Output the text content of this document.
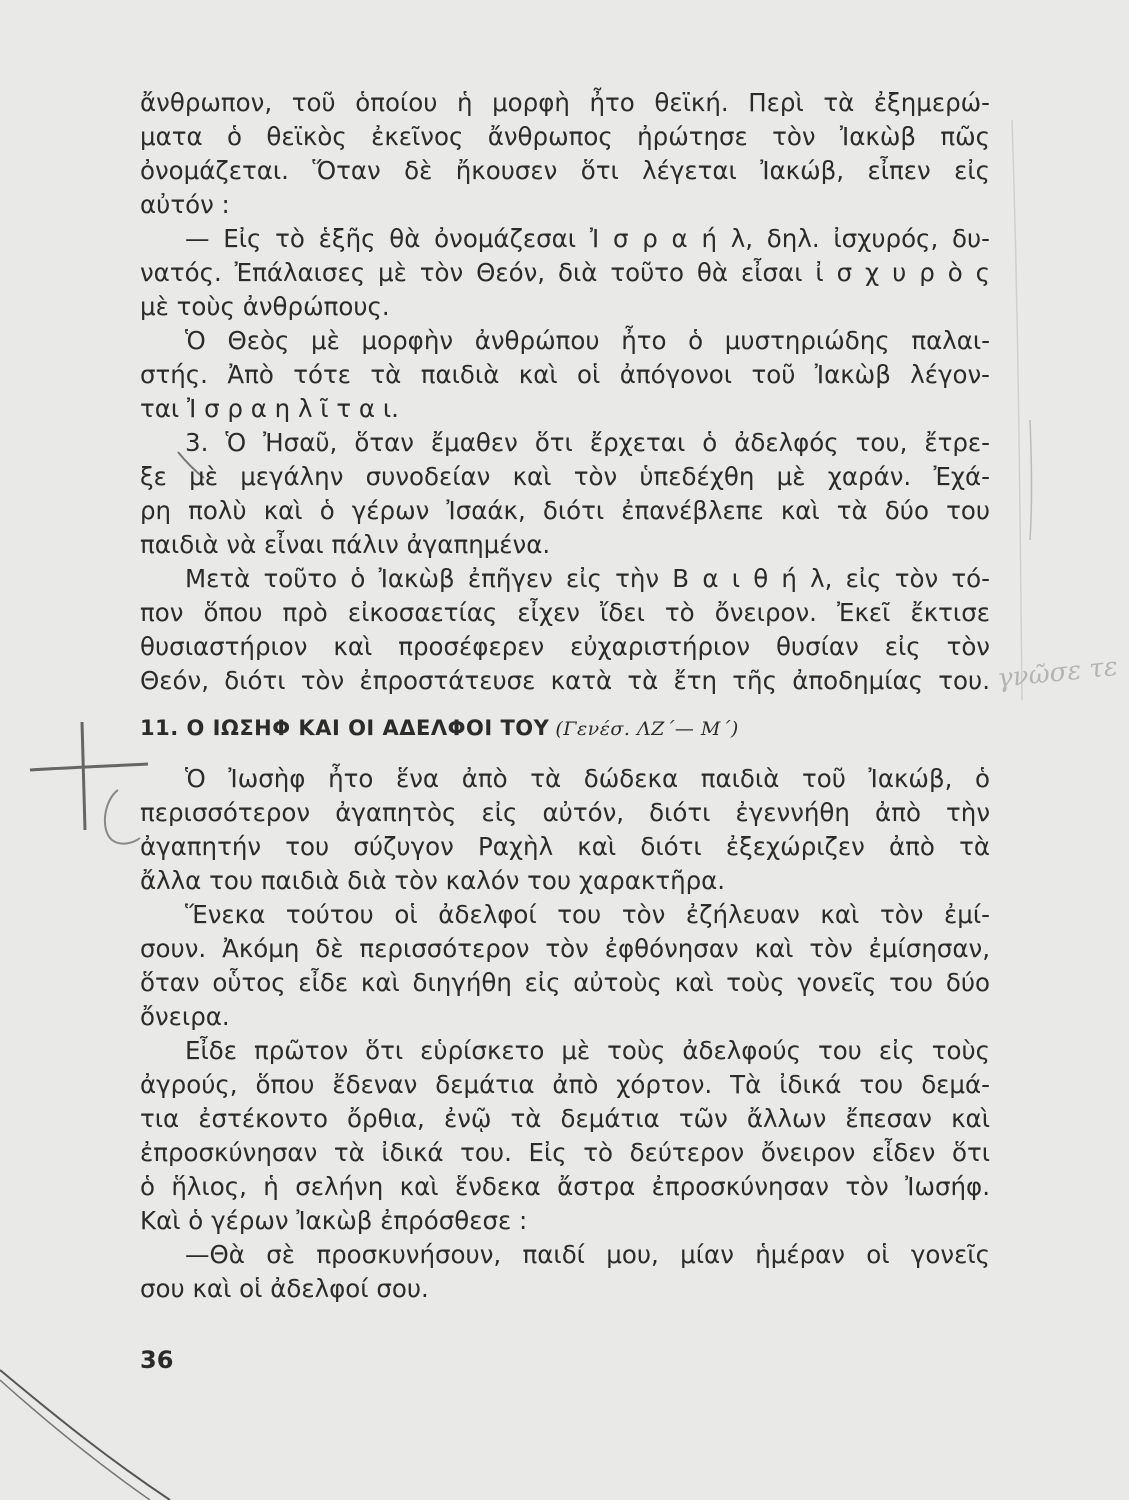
ἄνθρωπον, τοῦ ὁποίου ἡ μορφὴ ἦτο θεϊκή. Περὶ τὰ ἐξημερώ-
ματα ὁ θεϊκὸς ἐκεῖνος ἄνθρωπος ἠρώτησε τὸν Ἰακὼβ πῶς
ὀνομάζεται. Ὅταν δὲ ἤκουσεν ὅτι λέγεται Ἰακώβ, εἶπεν εἰς
αὐτόν :
— Εἰς τὸ ἑξῆς θὰ ὀνομάζεσαι Ἰ σ ρ α ή λ, δηλ. ἰσχυρός, δυ-
νατός. Ἐπάλαισες μὲ τὸν Θεόν, διὰ τοῦτο θὰ εἶσαι ἰ σ χ υ ρ ὸ ς
μὲ τοὺς ἀνθρώπους.
Ὁ Θεὸς μὲ μορφὴν ἀνθρώπου ἦτο ὁ μυστηριώδης παλαι-
στής. Ἀπὸ τότε τὰ παιδιὰ καὶ οἱ ἀπόγονοι τοῦ Ἰακὼβ λέγον-
ται Ἰ σ ρ α η λ ῖ τ α ι.
3. Ὁ Ἠσαῦ, ὅταν ἔμαθεν ὅτι ἔρχεται ὁ ἀδελφός του, ἔτρε-
ξε μὲ μεγάλην συνοδείαν καὶ τὸν ὑπεδέχθη μὲ χαράν. Ἐχά-
ρη πολὺ καὶ ὁ γέρων Ἰσαάκ, διότι ἐπανέβλεπε καὶ τὰ δύο του
παιδιὰ νὰ εἶναι πάλιν ἀγαπημένα.
Μετὰ τοῦτο ὁ Ἰακὼβ ἐπῆγεν εἰς τὴν Β α ι θ ή λ, εἰς τὸν τό-
πον ὅπου πρὸ εἰκοσαετίας εἶχεν ἴδει τὸ ὄνειρον. Ἐκεῖ ἔκτισε
θυσιαστήριον καὶ προσέφερεν εὐχαριστήριον θυσίαν εἰς τὸν
11. Ο ΙΩΣΗΦ ΚΑΙ ΟΙ ΑΔΕΛΦΟΙ ΤΟΥ (Γενέσ. ΛΖ΄— Μ΄)
Ὁ Ἰωσὴφ ἦτο ἕνα ἀπὸ τὰ δώδεκα παιδιὰ τοῦ Ἰακώβ, ὁ
περισσότερον ἀγαπητὸς εἰς αὐτόν, διότι ἐγεννήθη ἀπὸ τὴν
ἀγαπητήν του σύζυγον Ραχὴλ καὶ διότι ἐξεχώριζεν ἀπὸ τὰ
ἄλλα του παιδιὰ διὰ τὸν καλόν του χαρακτῆρα.
Ἕνεκα τούτου οἱ ἀδελφοί του τὸν ἐζήλευαν καὶ τὸν ἐμί-
σουν. Ἀκόμη δὲ περισσότερον τὸν ἐφθόνησαν καὶ τὸν ἐμίσησαν,
ὅταν οὗτος εἶδε καὶ διηγήθη εἰς αὐτοὺς καὶ τοὺς γονεῖς του δύο
ὄνειρα.
Εἶδε πρῶτον ὅτι εὑρίσκετο μὲ τοὺς ἀδελφούς του εἰς τοὺς
ἀγρούς, ὅπου ἔδεναν δεμάτια ἀπὸ χόρτον. Τὰ ἰδικά του δεμά-
τια ἐστέκοντο ὄρθια, ἐνῷ τὰ δεμάτια τῶν ἄλλων ἔπεσαν καὶ
ἐπροσκύνησαν τὰ ἰδικά του. Εἰς τὸ δεύτερον ὄνειρον εἶδεν ὅτι
ὁ ἥλιος, ἡ σελήνη καὶ ἕνδεκα ἄστρα ἐπροσκύνησαν τὸν Ἰωσήφ.
Καὶ ὁ γέρων Ἰακὼβ ἐπρόσθεσε :
—Θὰ σὲ προσκυνήσουν, παιδί μου, μίαν ἡμέραν οἱ γονεῖς
γνῶσε τε
36
Θεόν, διότι τὸν ἐπροστάτευσε κατὰ τὰ ἔτη τῆς ἀποδημίας του.
σου καὶ οἱ ἀδελφοί σου.
